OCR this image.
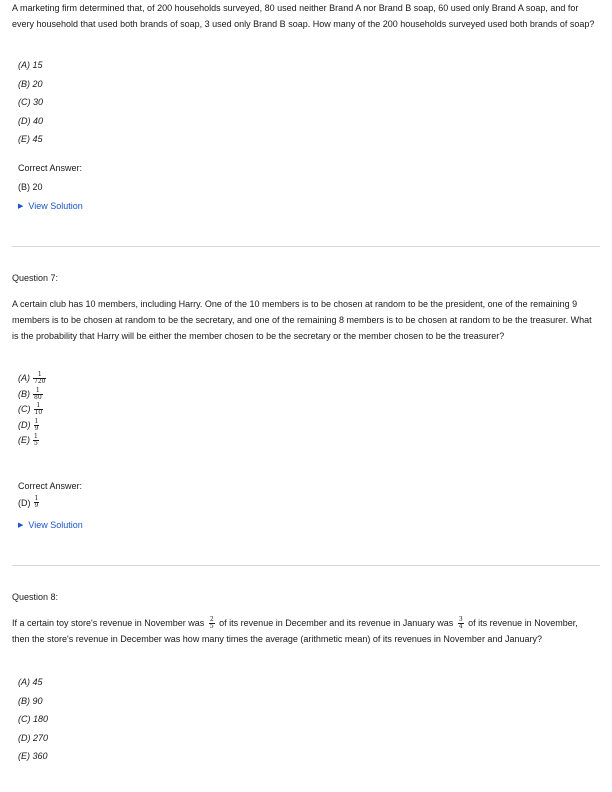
A marketing firm determined that, of 200 households surveyed, 80 used neither Brand A nor Brand B soap, 60 used only Brand A soap, and for every household that used both brands of soap, 3 used only Brand B soap. How many of the 200 households surveyed used both brands of soap?
(A) 15
(B) 20
(C) 30
(D) 40
(E) 45
Correct Answer:
(B) 20
▶ View Solution
Question 7:
A certain club has 10 members, including Harry. One of the 10 members is to be chosen at random to be the president, one of the remaining 9 members is to be chosen at random to be the secretary, and one of the remaining 8 members is to be chosen at random to be the treasurer. What is the probability that Harry will be either the member chosen to be the secretary or the member chosen to be the treasurer?
$(A) \frac{1}{720}$
$(B) \frac{1}{80}$
$(C) \frac{1}{10}$
$(D) \frac{1}{9}$
$(E) \frac{1}{5}$
Correct Answer:
$(D) \frac{1}{9}$
▶ View Solution
Question 8:
If a certain toy store's revenue in November was $\frac{2}{5}$ of its revenue in December and its revenue in January was $\frac{3}{4}$ of its revenue in November, then the store's revenue in December was how many times the average (arithmetic mean) of its revenues in November and January?
(A) 45
(B) 90
(C) 180
(D) 270
(E) 360
